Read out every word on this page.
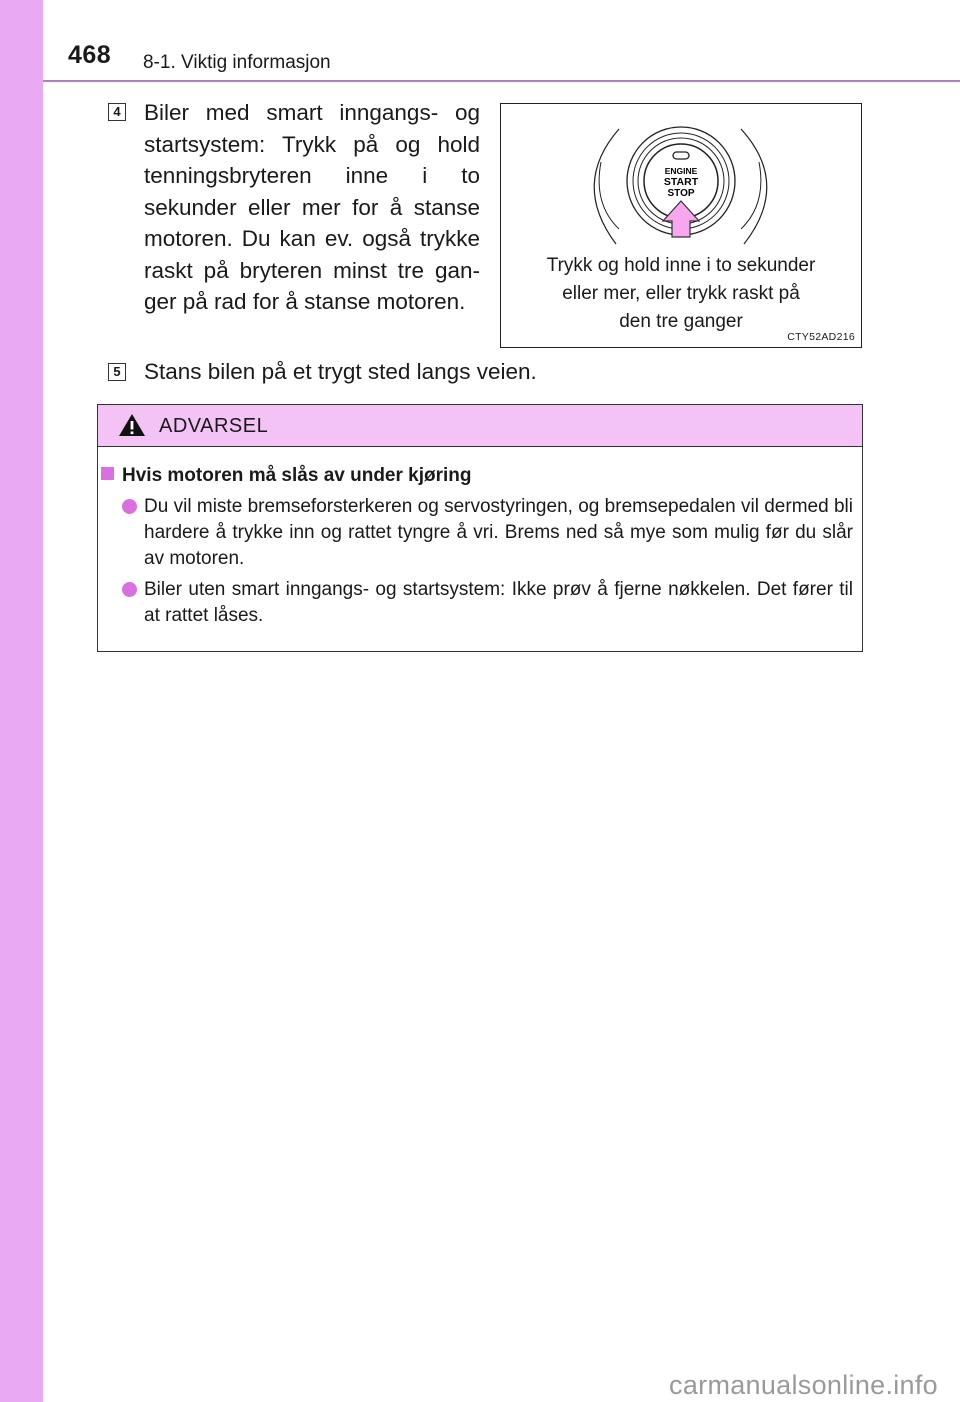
468 8-1. Viktig informasjon
4 Biler med smart inngangs- og startsystem: Trykk på og hold tenningsbryteren inne i to sekunder eller mer for å stanse motoren. Du kan ev. også trykke raskt på bryteren minst tre gan-ger på rad for å stanse motoren.
ENGINE
START
STOP
Trykk og hold inne i to sekunder
eller mer, eller trykk raskt på
den tre ganger
CTY52AD216
5 Stans bilen på et trygt sted langs veien.
ADVARSEL
Hvis motoren må slås av under kjøring
Du vil miste bremseforsterkeren og servostyringen, og bremsepedalen vil dermed bli hardere å trykke inn og rattet tyngre å vri. Brems ned så mye som mulig før du slår av motoren.
Biler uten smart inngangs- og startsystem: Ikke prøv å fjerne nøkkelen. Det fører til at rattet låses.
carmanualsonline.info
